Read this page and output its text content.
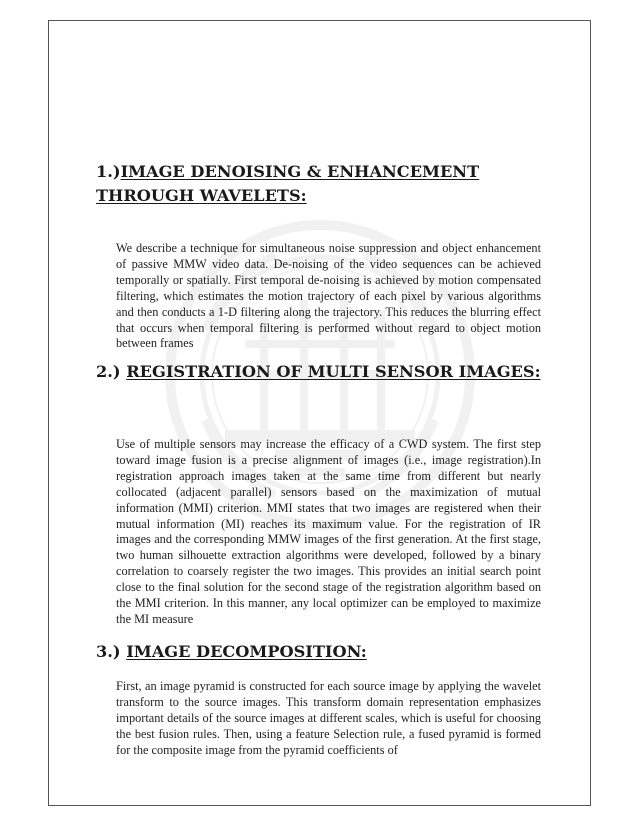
1.)IMAGE DENOISING & ENHANCEMENT THROUGH WAVELETS:

We describe a technique for simultaneous noise suppression and object enhancement of passive MMW video data. De-noising of the video sequences can be achieved temporally or spatially. First temporal de-noising is achieved by motion compensated filtering, which estimates the motion trajectory of each pixel by various algorithms and then conducts a 1-D filtering along the trajectory. This reduces the blurring effect that occurs when temporal filtering is performed without regard to object motion between frames

2.) REGISTRATION OF MULTI SENSOR IMAGES:

Use of multiple sensors may increase the efficacy of a CWD system. The first step toward image fusion is a precise alignment of images (i.e., image registration).In registration approach images taken at the same time from different but nearly collocated (adjacent parallel) sensors based on the maximization of mutual information (MMI) criterion. MMI states that two images are registered when their mutual information (MI) reaches its maximum value. For the registration of IR images and the corresponding MMW images of the first generation. At the first stage, two human silhouette extraction algorithms were developed, followed by a binary correlation to coarsely register the two images. This provides an initial search point close to the final solution for the second stage of the registration algorithm based on the MMI criterion. In this manner, any local optimizer can be employed to maximize the MI measure

3.) IMAGE DECOMPOSITION:

First, an image pyramid is constructed for each source image by applying the wavelet transform to the source images. This transform domain representation emphasizes important details of the source images at different scales, which is useful for choosing the best fusion rules. Then, using a feature Selection rule, a fused pyramid is formed for the composite image from the pyramid coefficients of
